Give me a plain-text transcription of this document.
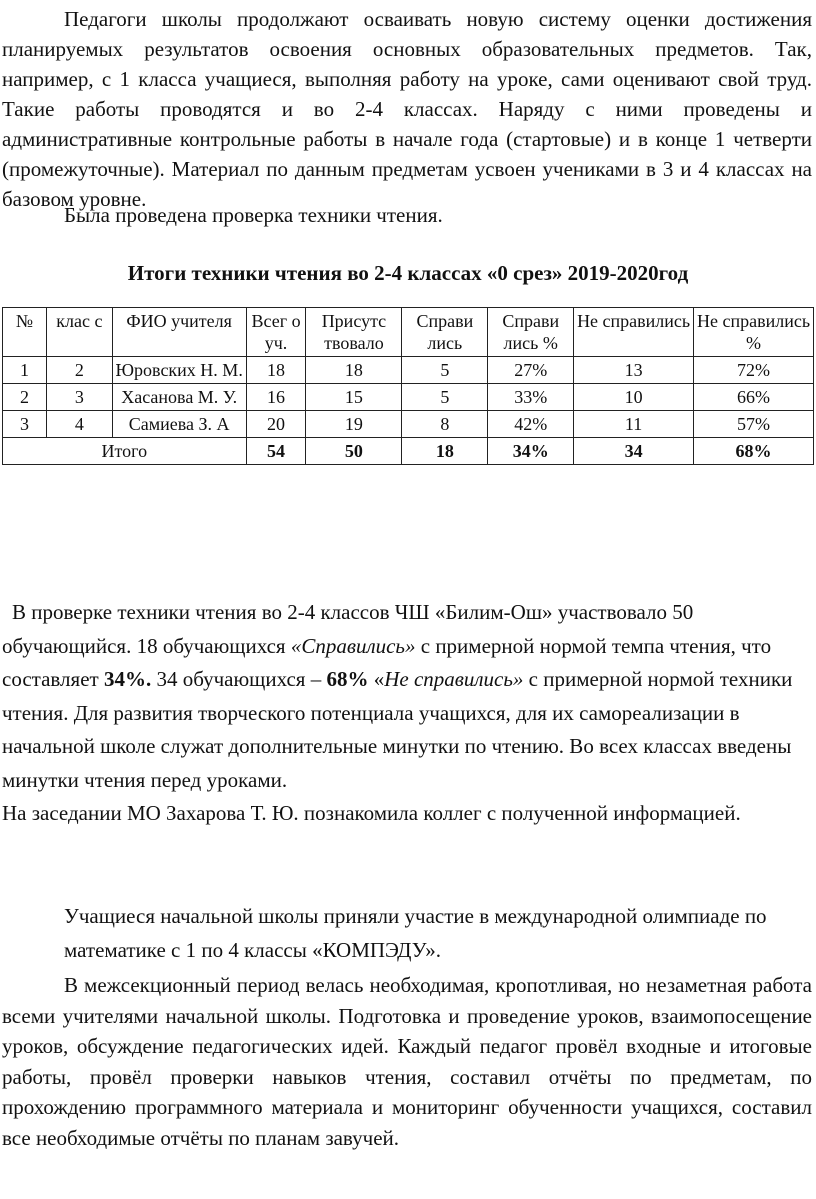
Педагоги школы продолжают осваивать новую систему оценки достижения планируемых результатов освоения основных образовательных предметов. Так, например, с 1 класса учащиеся, выполняя работу на уроке, сами оценивают свой труд. Такие работы проводятся и во 2-4 классах. Наряду с ними проведены и административные контрольные работы в начале года (стартовые) и в конце 1 четверти (промежуточные). Материал по данным предметам усвоен учениками в 3 и 4 классах на базовом уровне.

Была проведена проверка техники чтения.

Итоги техники чтения во 2-4 классах «0 срез» 2019-2020год

№	клас с	ФИО учителя	Всег о уч.	Присутс твовало	Справи лись	Справи лись %	Не справились	Не справились %
1	2	Юровских Н. М.	18	18	5	27%	13	72%
2	3	Хасанова М. У.	16	15	5	33%	10	66%
3	4	Самиева З. А	20	19	8	42%	11	57%
Итого			54	50	18	34%	34	68%
В проверке техники чтения во 2-4 классов ЧШ «Билим-Ош» участвовало 50 обучающийся. 18 обучающихся «Справились» с примерной нормой темпа чтения, что составляет 34%. 34 обучающихся – 68% «Не справились» с примерной нормой техники чтения. Для развития творческого потенциала учащихся, для их самореализации в начальной школе служат дополнительные минутки по чтению. Во всех классах введены минутки чтения перед уроками.
На заседании МО Захарова Т. Ю. познакомила коллег с полученной информацией.

Учащиеся начальной школы приняли участие в международной олимпиаде по математике с 1 по 4 классы «КОМПЭДУ».

В межсекционный период велась необходимая, кропотливая, но незаметная работа всеми учителями начальной школы. Подготовка и проведение уроков, взаимопосещение уроков, обсуждение педагогических идей. Каждый педагог провёл входные и итоговые работы, провёл проверки навыков чтения, составил отчёты по предметам, по прохождению программного материала и мониторинг обученности учащихся, составил все необходимые отчёты по планам завучей.
